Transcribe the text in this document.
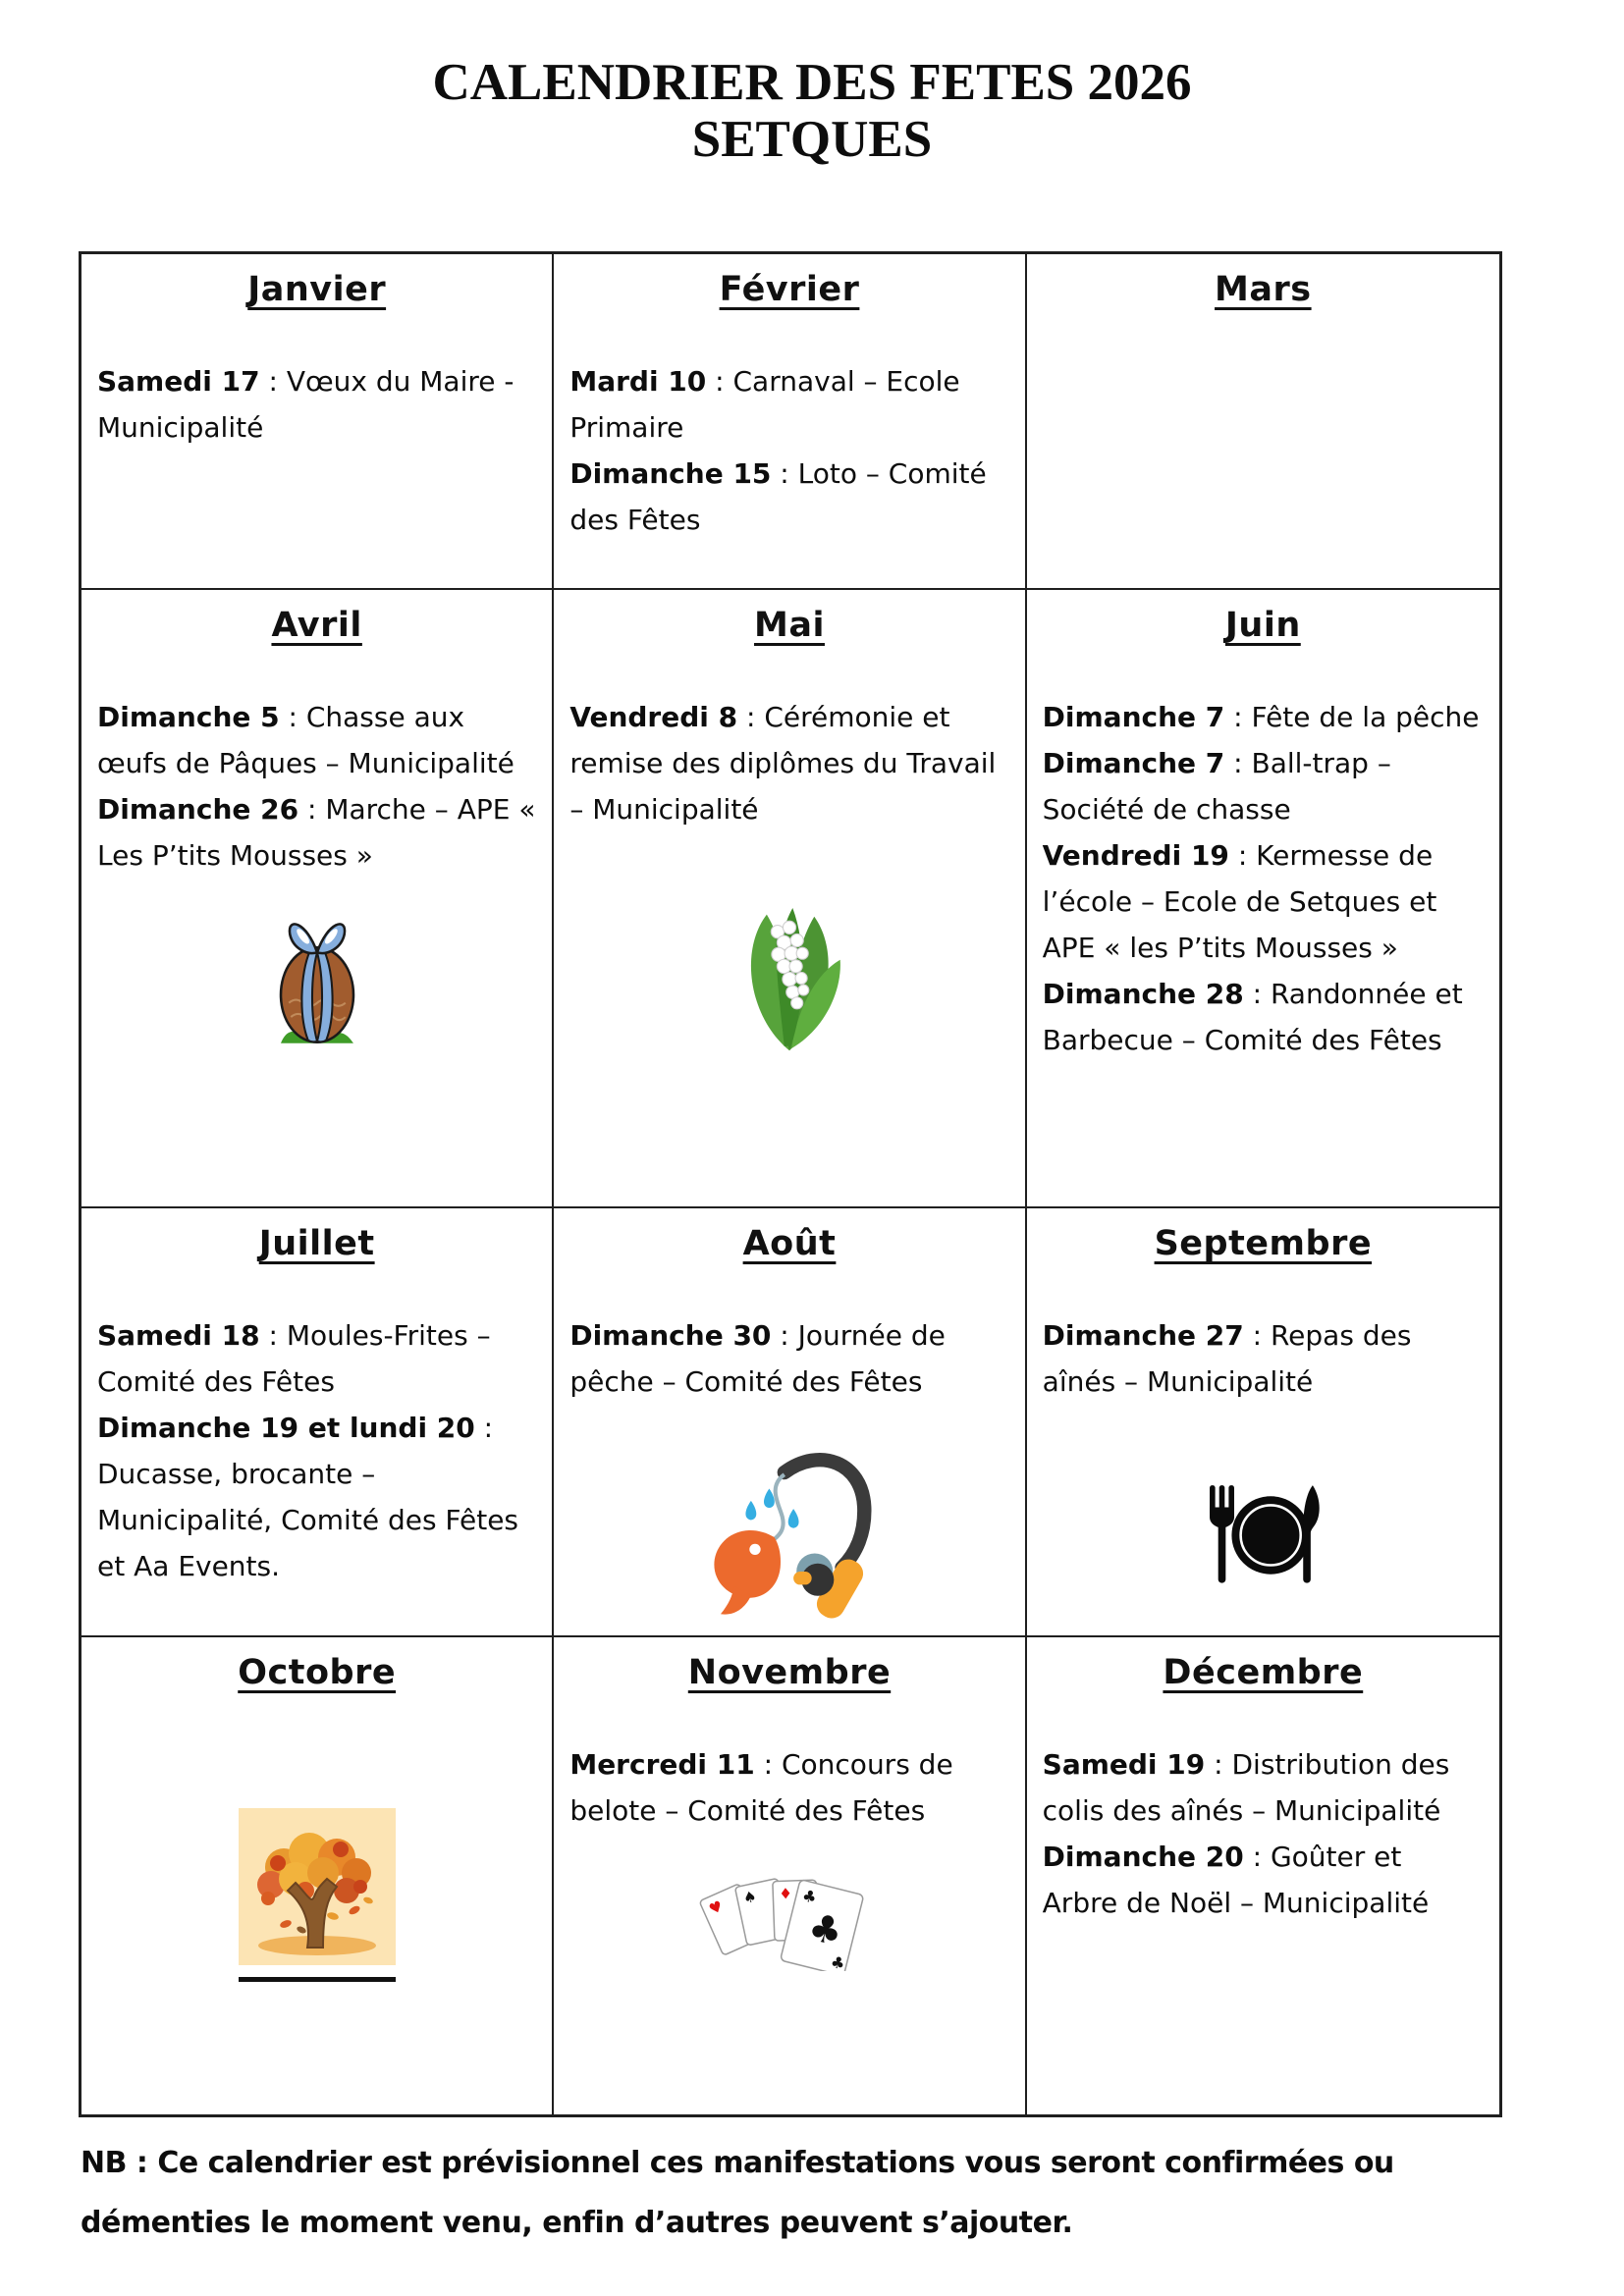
CALENDRIER DES FETES 2026
SETQUES

Janvier

Samedi 17 : Vœux du Maire - Municipalité

Février

Mardi 10 : Carnaval – Ecole Primaire

Dimanche 15 : Loto – Comité des Fêtes

Mars

Avril

Dimanche 5 : Chasse aux œufs de Pâques – Municipalité

Dimanche 26 : Marche – APE « Les P’tits Mousses »

Mai

Vendredi 8 : Cérémonie et remise des diplômes du Travail – Municipalité

Juin

Dimanche 7 : Fête de la pêche

Dimanche 7 : Ball-trap – Société de chasse

Vendredi 19 : Kermesse de l’école – Ecole de Setques et APE « les P’tits Mousses »

Dimanche 28 : Randonnée et Barbecue – Comité des Fêtes

Juillet

Samedi 18 : Moules-Frites – Comité des Fêtes

Dimanche 19 et lundi 20 : Ducasse, brocante – Municipalité, Comité des Fêtes et Aa Events.

Août

Dimanche 30 : Journée de pêche – Comité des Fêtes

Septembre

Dimanche 27 : Repas des aînés – Municipalité

Octobre	Novembre

Mercredi 11 : Concours de belote – Comité des Fêtes

♥ ♠ ♦ ♣
♣
♣

Décembre

Samedi 19 : Distribution des colis des aînés – Municipalité

Dimanche 20 : Goûter et Arbre de Noël – Municipalité

NB : Ce calendrier est prévisionnel ces manifestations vous seront confirmées ou

démenties le moment venu, enfin d’autres peuvent s’ajouter.
